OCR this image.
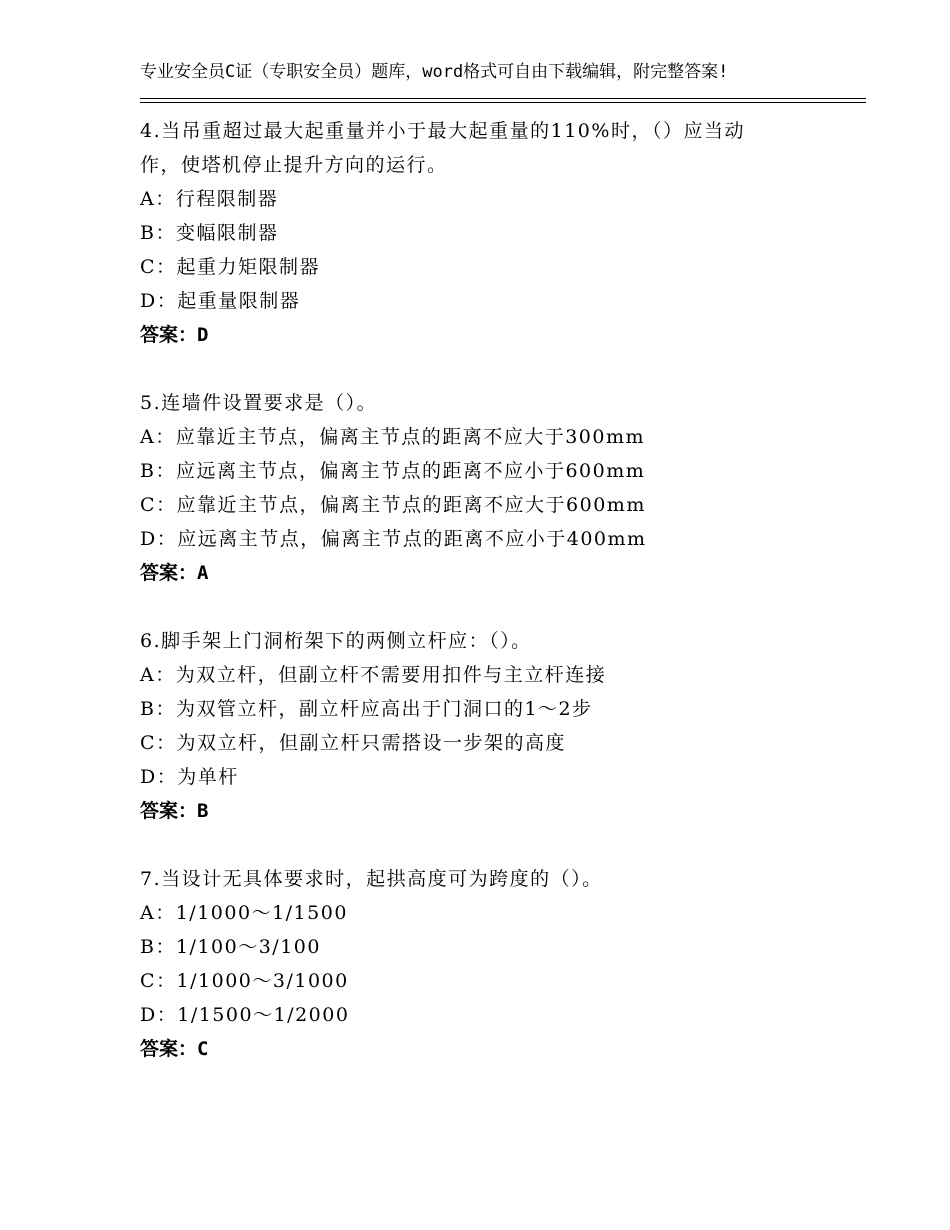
专业安全员C证（专职安全员）题库，word格式可自由下载编辑，附完整答案!
4.当吊重超过最大起重量并小于最大起重量的110%时，（）应当动
作，使塔机停止提升方向的运行。
A：行程限制器
B：变幅限制器
C：起重力矩限制器
D：起重量限制器
答案：D
5.连墙件设置要求是（）。
A：应靠近主节点，偏离主节点的距离不应大于300mm
B：应远离主节点，偏离主节点的距离不应小于600mm
C：应靠近主节点，偏离主节点的距离不应大于600mm
D：应远离主节点，偏离主节点的距离不应小于400mm
答案：A
6.脚手架上门洞桁架下的两侧立杆应：（）。
A：为双立杆，但副立杆不需要用扣件与主立杆连接
B：为双管立杆，副立杆应高出于门洞口的1～2步
C：为双立杆，但副立杆只需搭设一步架的高度
D：为单杆
答案：B
7.当设计无具体要求时，起拱高度可为跨度的（）。
A：1/1000～1/1500
B：1/100～3/100
C：1/1000～3/1000
D：1/1500～1/2000
答案：C
